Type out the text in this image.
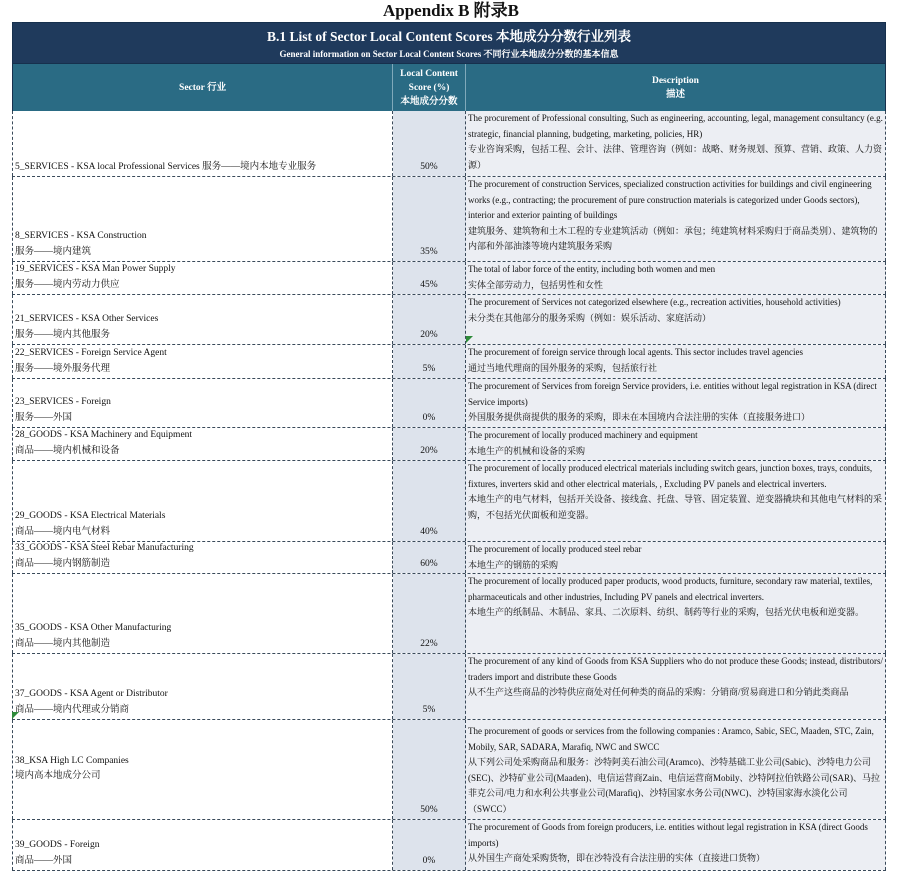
Appendix B 附录B
B.1 List of Sector Local Content Scores 本地成分分数行业列表
General information on Sector Local Content Scores 不同行业本地成分分数的基本信息
Sector 行业
Local Content
Score (%)
本地成分分数
Description
描述
5_SERVICES - KSA local Professional Services 服务——境内本地专业服务	50%
The procurement of Professional consulting, Such as engineering, accounting, legal, management consultancy (e.g. strategic, financial planning, budgeting, marketing, policies, HR)
专业咨询采购，包括工程、会计、法律、管理咨询（例如：战略、财务规划、预算、营销、政策、人力资源）
8_SERVICES - KSA Construction
服务——境内建筑	35%
The procurement of construction Services, specialized construction activities for buildings and civil engineering works (e.g., contracting; the procurement of pure construction materials is categorized under Goods sectors), interior and exterior painting of buildings
建筑服务、建筑物和土木工程的专业建筑活动（例如：承包；纯建筑材料采购归于商品类别）、建筑物的内部和外部油漆等境内建筑服务采购
19_SERVICES - KSA Man Power Supply
服务——境内劳动力供应	45%
The total of labor force of the entity, including both women and men
实体全部劳动力，包括男性和女性
21_SERVICES - KSA Other Services
服务——境内其他服务	20%
The procurement of Services not categorized elsewhere (e.g., recreation activities, household activities)
未分类在其他部分的服务采购（例如：娱乐活动、家庭活动）
22_SERVICES - Foreign Service Agent
服务——境外服务代理	5%
The procurement of foreign service through local agents. This sector includes travel agencies
通过当地代理商的国外服务的采购，包括旅行社
23_SERVICES - Foreign
服务——外国	0%
The procurement of Services from foreign Service providers, i.e. entities without legal registration in KSA (direct Service imports)
外国服务提供商提供的服务的采购，即未在本国境内合法注册的实体（直接服务进口）
28_GOODS - KSA Machinery and Equipment
商品——境内机械和设备	20%
The procurement of locally produced machinery and equipment
本地生产的机械和设备的采购
29_GOODS - KSA Electrical Materials
商品——境内电气材料	40%
The procurement of locally produced electrical materials including switch gears, junction boxes, trays, conduits, fixtures, inverters skid and other electrical materials, , Excluding PV panels and electrical inverters.
本地生产的电气材料，包括开关设备、接线盒、托盘、导管、固定装置、逆变器撬块和其他电气材料的采购，不包括光伏面板和逆变器。
33_GOODS - KSA Steel Rebar Manufacturing
商品——境内钢筋制造	60%
The procurement of locally produced steel rebar
本地生产的钢筋的采购
35_GOODS - KSA Other Manufacturing
商品——境内其他制造	22%
The procurement of locally produced paper products, wood products, furniture, secondary raw material, textiles, pharmaceuticals and other industries, Including PV panels and electrical inverters.
本地生产的纸制品、木制品、家具、二次原料、纺织、制药等行业的采购，包括光伏电板和逆变器。
37_GOODS - KSA Agent or Distributor
商品——境内代理或分销商	5%
The procurement of any kind of Goods from KSA Suppliers who do not produce these Goods; instead, distributors/ traders import and distribute these Goods
从不生产这些商品的沙特供应商处对任何种类的商品的采购：分销商/贸易商进口和分销此类商品
38_KSA High LC Companies
境内高本地成分公司
50%
The procurement of goods or services from the following companies : Aramco, Sabic, SEC, Maaden, STC, Zain, Mobily, SAR, SADARA, Marafiq, NWC and SWCC
从下列公司处采购商品和服务：沙特阿美石油公司(Aramco)、沙特基础工业公司(Sabic)、沙特电力公司(SEC)、沙特矿业公司(Maaden)、电信运营商Zain、电信运营商Mobily、沙特阿拉伯铁路公司(SAR)、马拉菲克公司/电力和水利公共事业公司(Marafiq)、沙特国家水务公司(NWC)、沙特国家海水淡化公司（SWCC）
39_GOODS - Foreign
商品——外国	0%
The procurement of Goods from foreign producers, i.e. entities without legal registration in KSA (direct Goods imports)
从外国生产商处采购货物，即在沙特没有合法注册的实体（直接进口货物）
